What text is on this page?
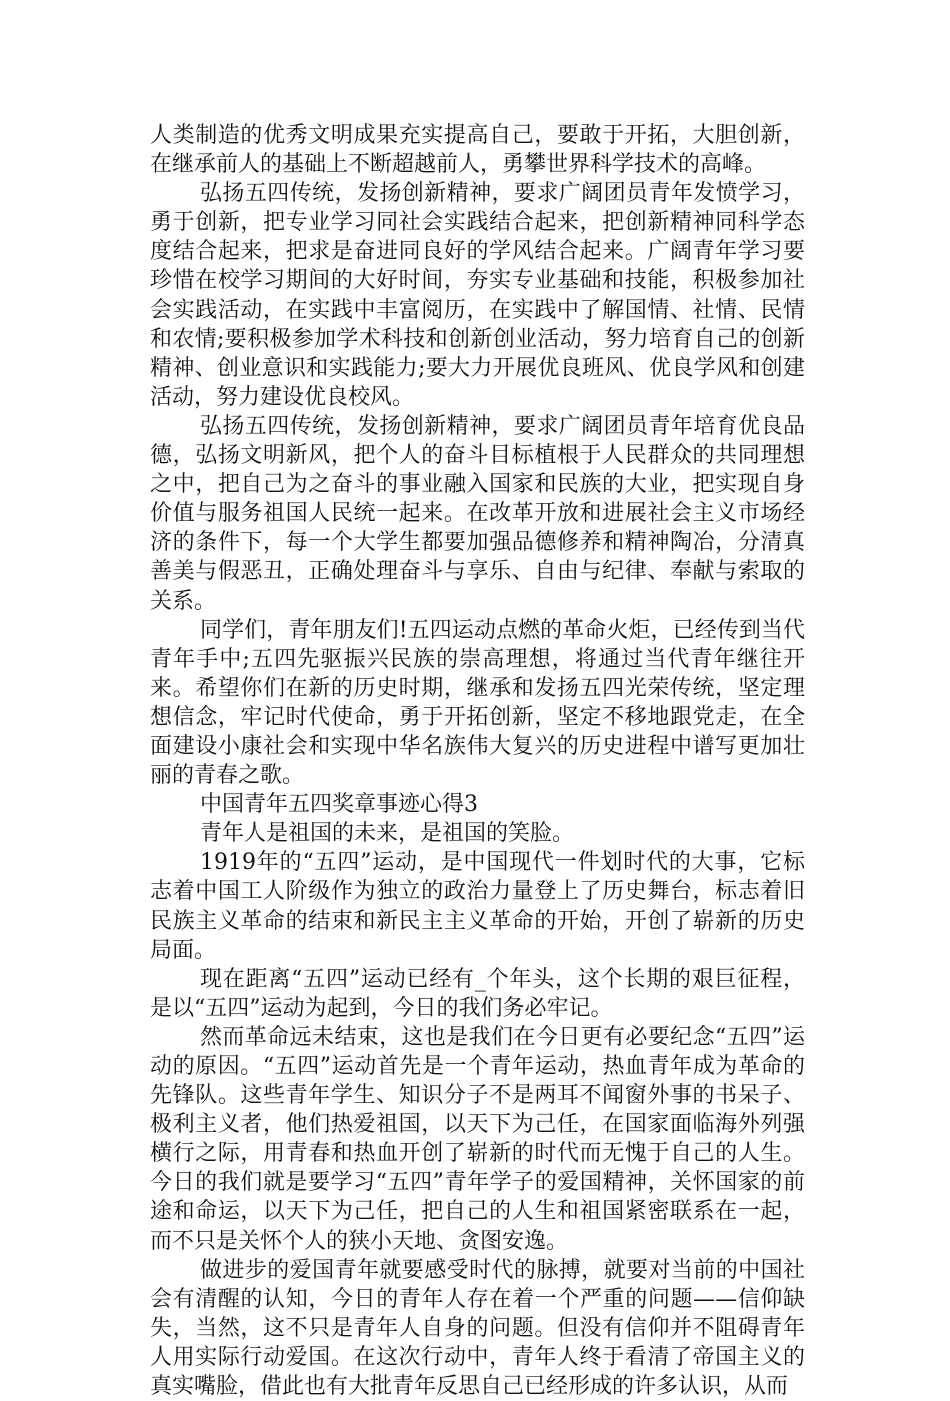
人类制造的优秀文明成果充实提高自己，要敢于开拓，大胆创新，在继承前人的基础上不断超越前人，勇攀世界科学技术的高峰。

弘扬五四传统，发扬创新精神，要求广阔团员青年发愤学习，勇于创新，把专业学习同社会实践结合起来，把创新精神同科学态度结合起来，把求是奋进同良好的学风结合起来。广阔青年学习要珍惜在校学习期间的大好时间，夯实专业基础和技能，积极参加社会实践活动，在实践中丰富阅历，在实践中了解国情、社情、民情和农情;要积极参加学术科技和创新创业活动，努力培育自己的创新精神、创业意识和实践能力;要大力开展优良班风、优良学风和创建活动，努力建设优良校风。

弘扬五四传统，发扬创新精神，要求广阔团员青年培育优良品德，弘扬文明新风，把个人的奋斗目标植根于人民群众的共同理想之中，把自己为之奋斗的事业融入国家和民族的大业，把实现自身价值与服务祖国人民统一起来。在改革开放和进展社会主义市场经济的条件下，每一个大学生都要加强品德修养和精神陶冶，分清真善美与假恶丑，正确处理奋斗与享乐、自由与纪律、奉献与索取的关系。

同学们，青年朋友们!五四运动点燃的革命火炬，已经传到当代青年手中;五四先驱振兴民族的崇高理想，将通过当代青年继往开来。希望你们在新的历史时期，继承和发扬五四光荣传统，坚定理想信念，牢记时代使命，勇于开拓创新，坚定不移地跟党走，在全面建设小康社会和实现中华名族伟大复兴的历史进程中谱写更加壮丽的青春之歌。

中国青年五四奖章事迹心得3

青年人是祖国的未来，是祖国的笑脸。

1919年的“五四”运动，是中国现代一件划时代的大事，它标志着中国工人阶级作为独立的政治力量登上了历史舞台，标志着旧民族主义革命的结束和新民主主义革命的开始，开创了崭新的历史局面。

现在距离“五四”运动已经有_个年头，这个长期的艰巨征程，是以“五四”运动为起到，今日的我们务必牢记。

然而革命远未结束，这也是我们在今日更有必要纪念“五四”运动的原因。“五四”运动首先是一个青年运动，热血青年成为革命的先锋队。这些青年学生、知识分子不是两耳不闻窗外事的书呆子、极利主义者，他们热爱祖国，以天下为己任，在国家面临海外列强横行之际，用青春和热血开创了崭新的时代而无愧于自己的人生。今日的我们就是要学习“五四”青年学子的爱国精神，关怀国家的前途和命运，以天下为己任，把自己的人生和祖国紧密联系在一起，而不只是关怀个人的狭小天地、贪图安逸。

做进步的爱国青年就要感受时代的脉搏，就要对当前的中国社会有清醒的认知，今日的青年人存在着一个严重的问题——信仰缺失，当然，这不只是青年人自身的问题。但没有信仰并不阻碍青年人用实际行动爱国。在这次行动中，青年人终于看清了帝国主义的真实嘴脸，借此也有大批青年反思自己已经形成的许多认识，从而
